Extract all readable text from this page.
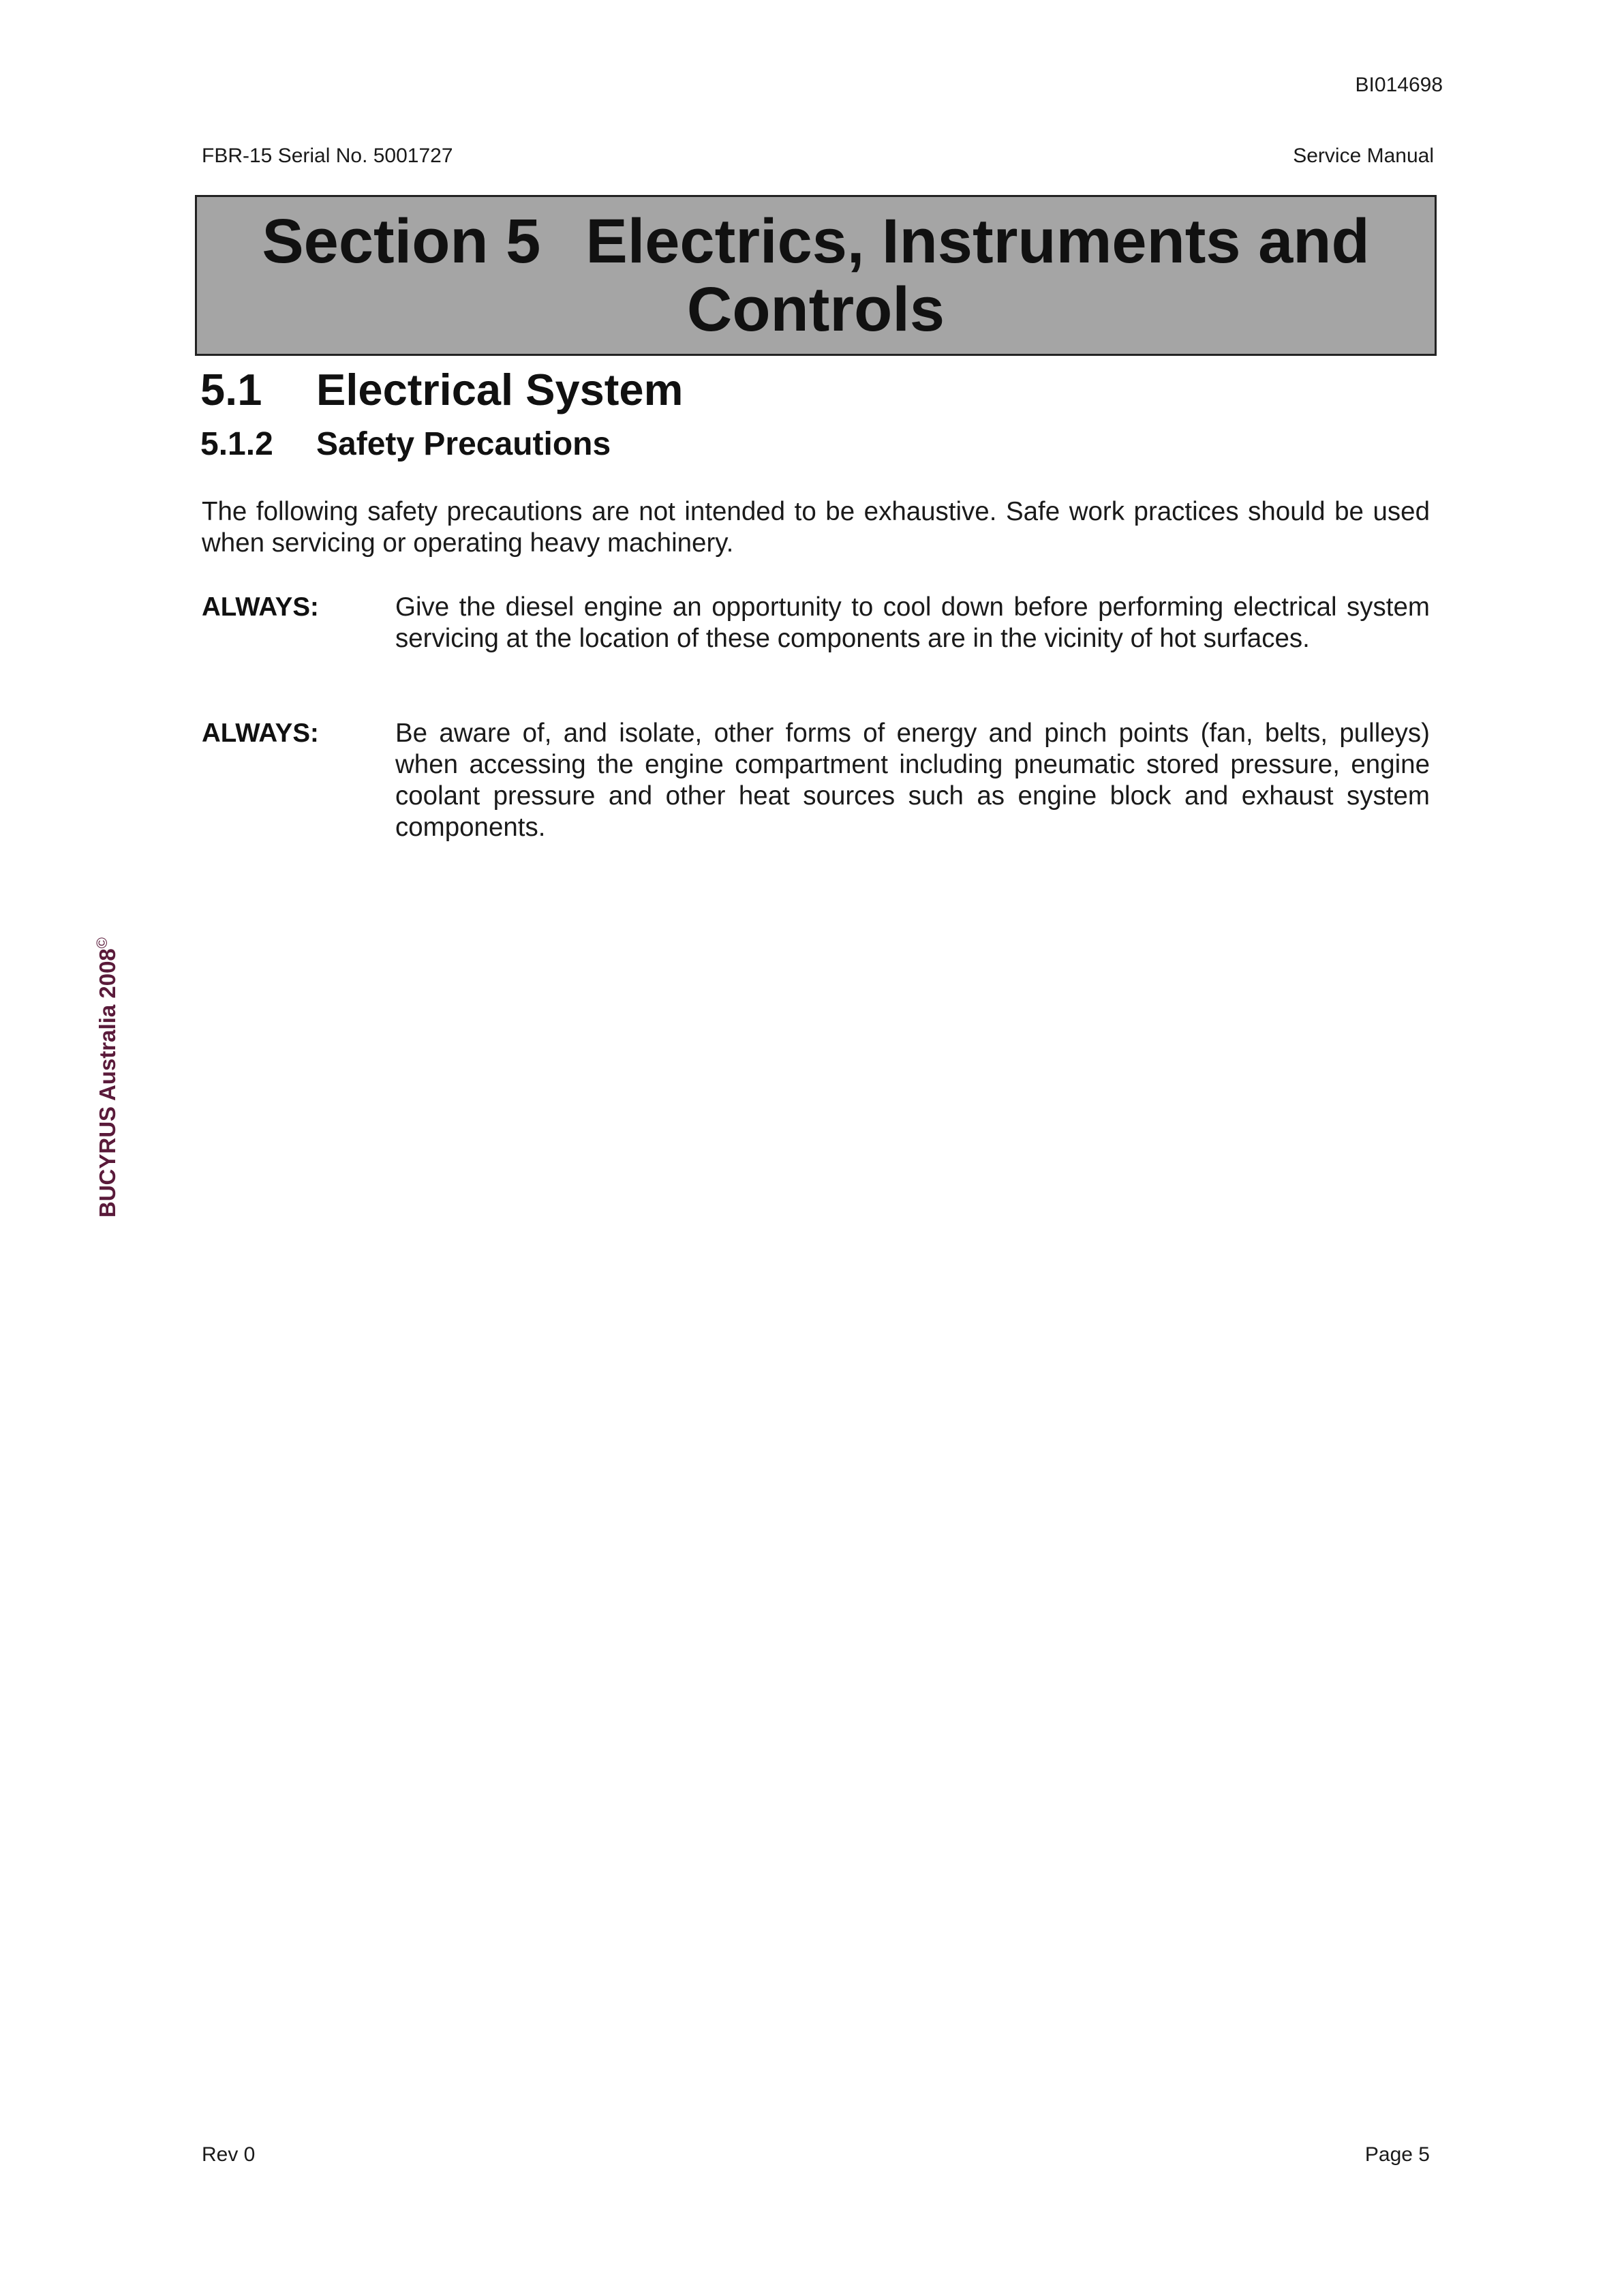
BI014698
FBR-15 Serial No. 5001727	Service Manual

Section 5 Electrics, Instruments and
Controls

5.1 Electrical System
5.1.2 Safety Precautions

The following safety precautions are not intended to be exhaustive. Safe work practices should be used when servicing or operating heavy machinery.

ALWAYS:	Give the diesel engine an opportunity to cool down before performing electrical system servicing at the location of these components are in the vicinity of hot surfaces.

ALWAYS:	Be aware of, and isolate, other forms of energy and pinch points (fan, belts, pulleys) when accessing the engine compartment including pneumatic stored pressure, engine coolant pressure and other heat sources such as engine block and exhaust system components.

BUCYRUS Australia 2008©
Rev 0	Page 5
